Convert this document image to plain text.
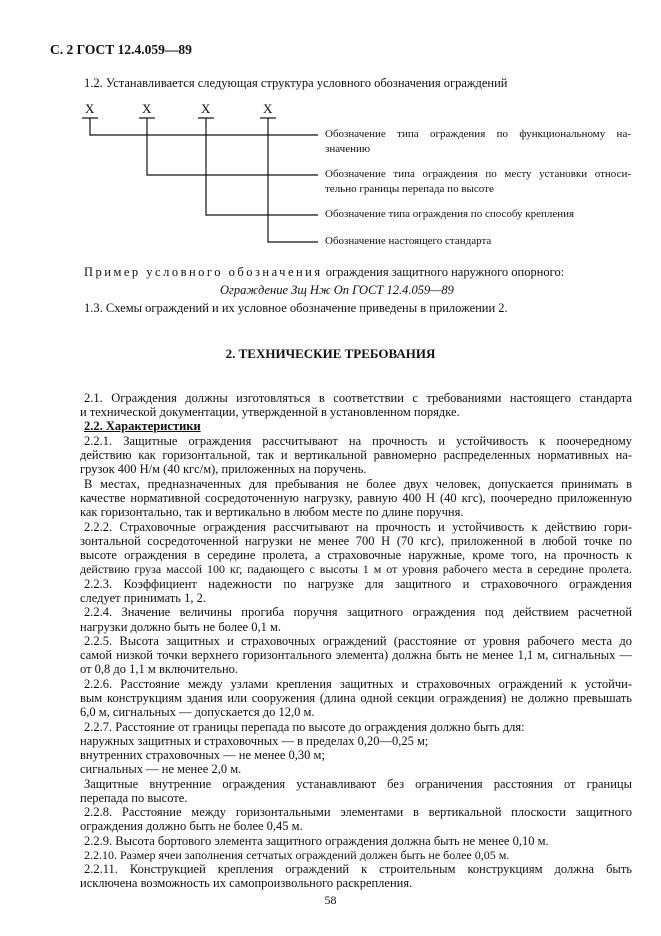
С. 2 ГОСТ 12.4.059—89
1.2. Устанавливается следующая структура условного обозначения ограждений
X	X	X	X
Обозначение типа ограждения по функциональному на-
значению
Обозначение типа ограждения по месту установки относи-
тельно границы перепада по высоте
Обозначение типа ограждения по способу крепления
Обозначение настоящего стандарта
Пример условного обозначения ограждения защитного наружного опорного:
Ограждение Зщ Нж Оп ГОСТ 12.4.059—89
1.3. Схемы ограждений и их условное обозначение приведены в приложении 2.
2. ТЕХНИЧЕСКИЕ ТРЕБОВАНИЯ
2.1. Ограждения должны изготовляться в соответствии с требованиями настоящего стандарта
и технической документации, утвержденной в установленном порядке.
2.2. Характеристики
2.2.1. Защитные ограждения рассчитывают на прочность и устойчивость к поочередному
действию как горизонтальной, так и вертикальной равномерно распределенных нормативных на-
грузок 400 Н/м (40 кгс/м), приложенных на поручень.
В местах, предназначенных для пребывания не более двух человек, допускается принимать в
качестве нормативной сосредоточенную нагрузку, равную 400 Н (40 кгс), поочередно приложенную
как горизонтально, так и вертикально в любом месте по длине поручня.
2.2.2. Страховочные ограждения рассчитывают на прочность и устойчивость к действию гори-
зонтальной сосредоточенной нагрузки не менее 700 Н (70 кгс), приложенной в любой точке по
высоте ограждения в середине пролета, а страховочные наружные, кроме того, на прочность к
действию груза массой 100 кг, падающего с высоты 1 м от уровня рабочего места в середине пролета.
2.2.3. Коэффициент надежности по нагрузке для защитного и страховочного ограждения
следует принимать 1, 2.
2.2.4. Значение величины прогиба поручня защитного ограждения под действием расчетной
нагрузки должно быть не более 0,1 м.
2.2.5. Высота защитных и страховочных ограждений (расстояние от уровня рабочего места до
самой низкой точки верхнего горизонтального элемента) должна быть не менее 1,1 м, сигнальных —
от 0,8 до 1,1 м включительно.
2.2.6. Расстояние между узлами крепления защитных и страховочных ограждений к устойчи-
вым конструкциям здания или сооружения (длина одной секции ограждения) не должно превышать
6,0 м, сигнальных — допускается до 12,0 м.
2.2.7. Расстояние от границы перепада по высоте до ограждения должно быть для:
наружных защитных и страховочных — в пределах 0,20—0,25 м;
внутренних страховочных — не менее 0,30 м;
сигнальных — не менее 2,0 м.
Защитные внутренние ограждения устанавливают без ограничения расстояния от границы
перепада по высоте.
2.2.8. Расстояние между горизонтальными элементами в вертикальной плоскости защитного
ограждения должно быть не более 0,45 м.
2.2.9. Высота бортового элемента защитного ограждения должна быть не менее 0,10 м.
2.2.10. Размер ячеи заполнения сетчатых ограждений должен быть не более 0,05 м.
2.2.11. Конструкцией крепления ограждений к строительным конструкциям должна быть
исключена возможность их самопроизвольного раскрепления.
58
